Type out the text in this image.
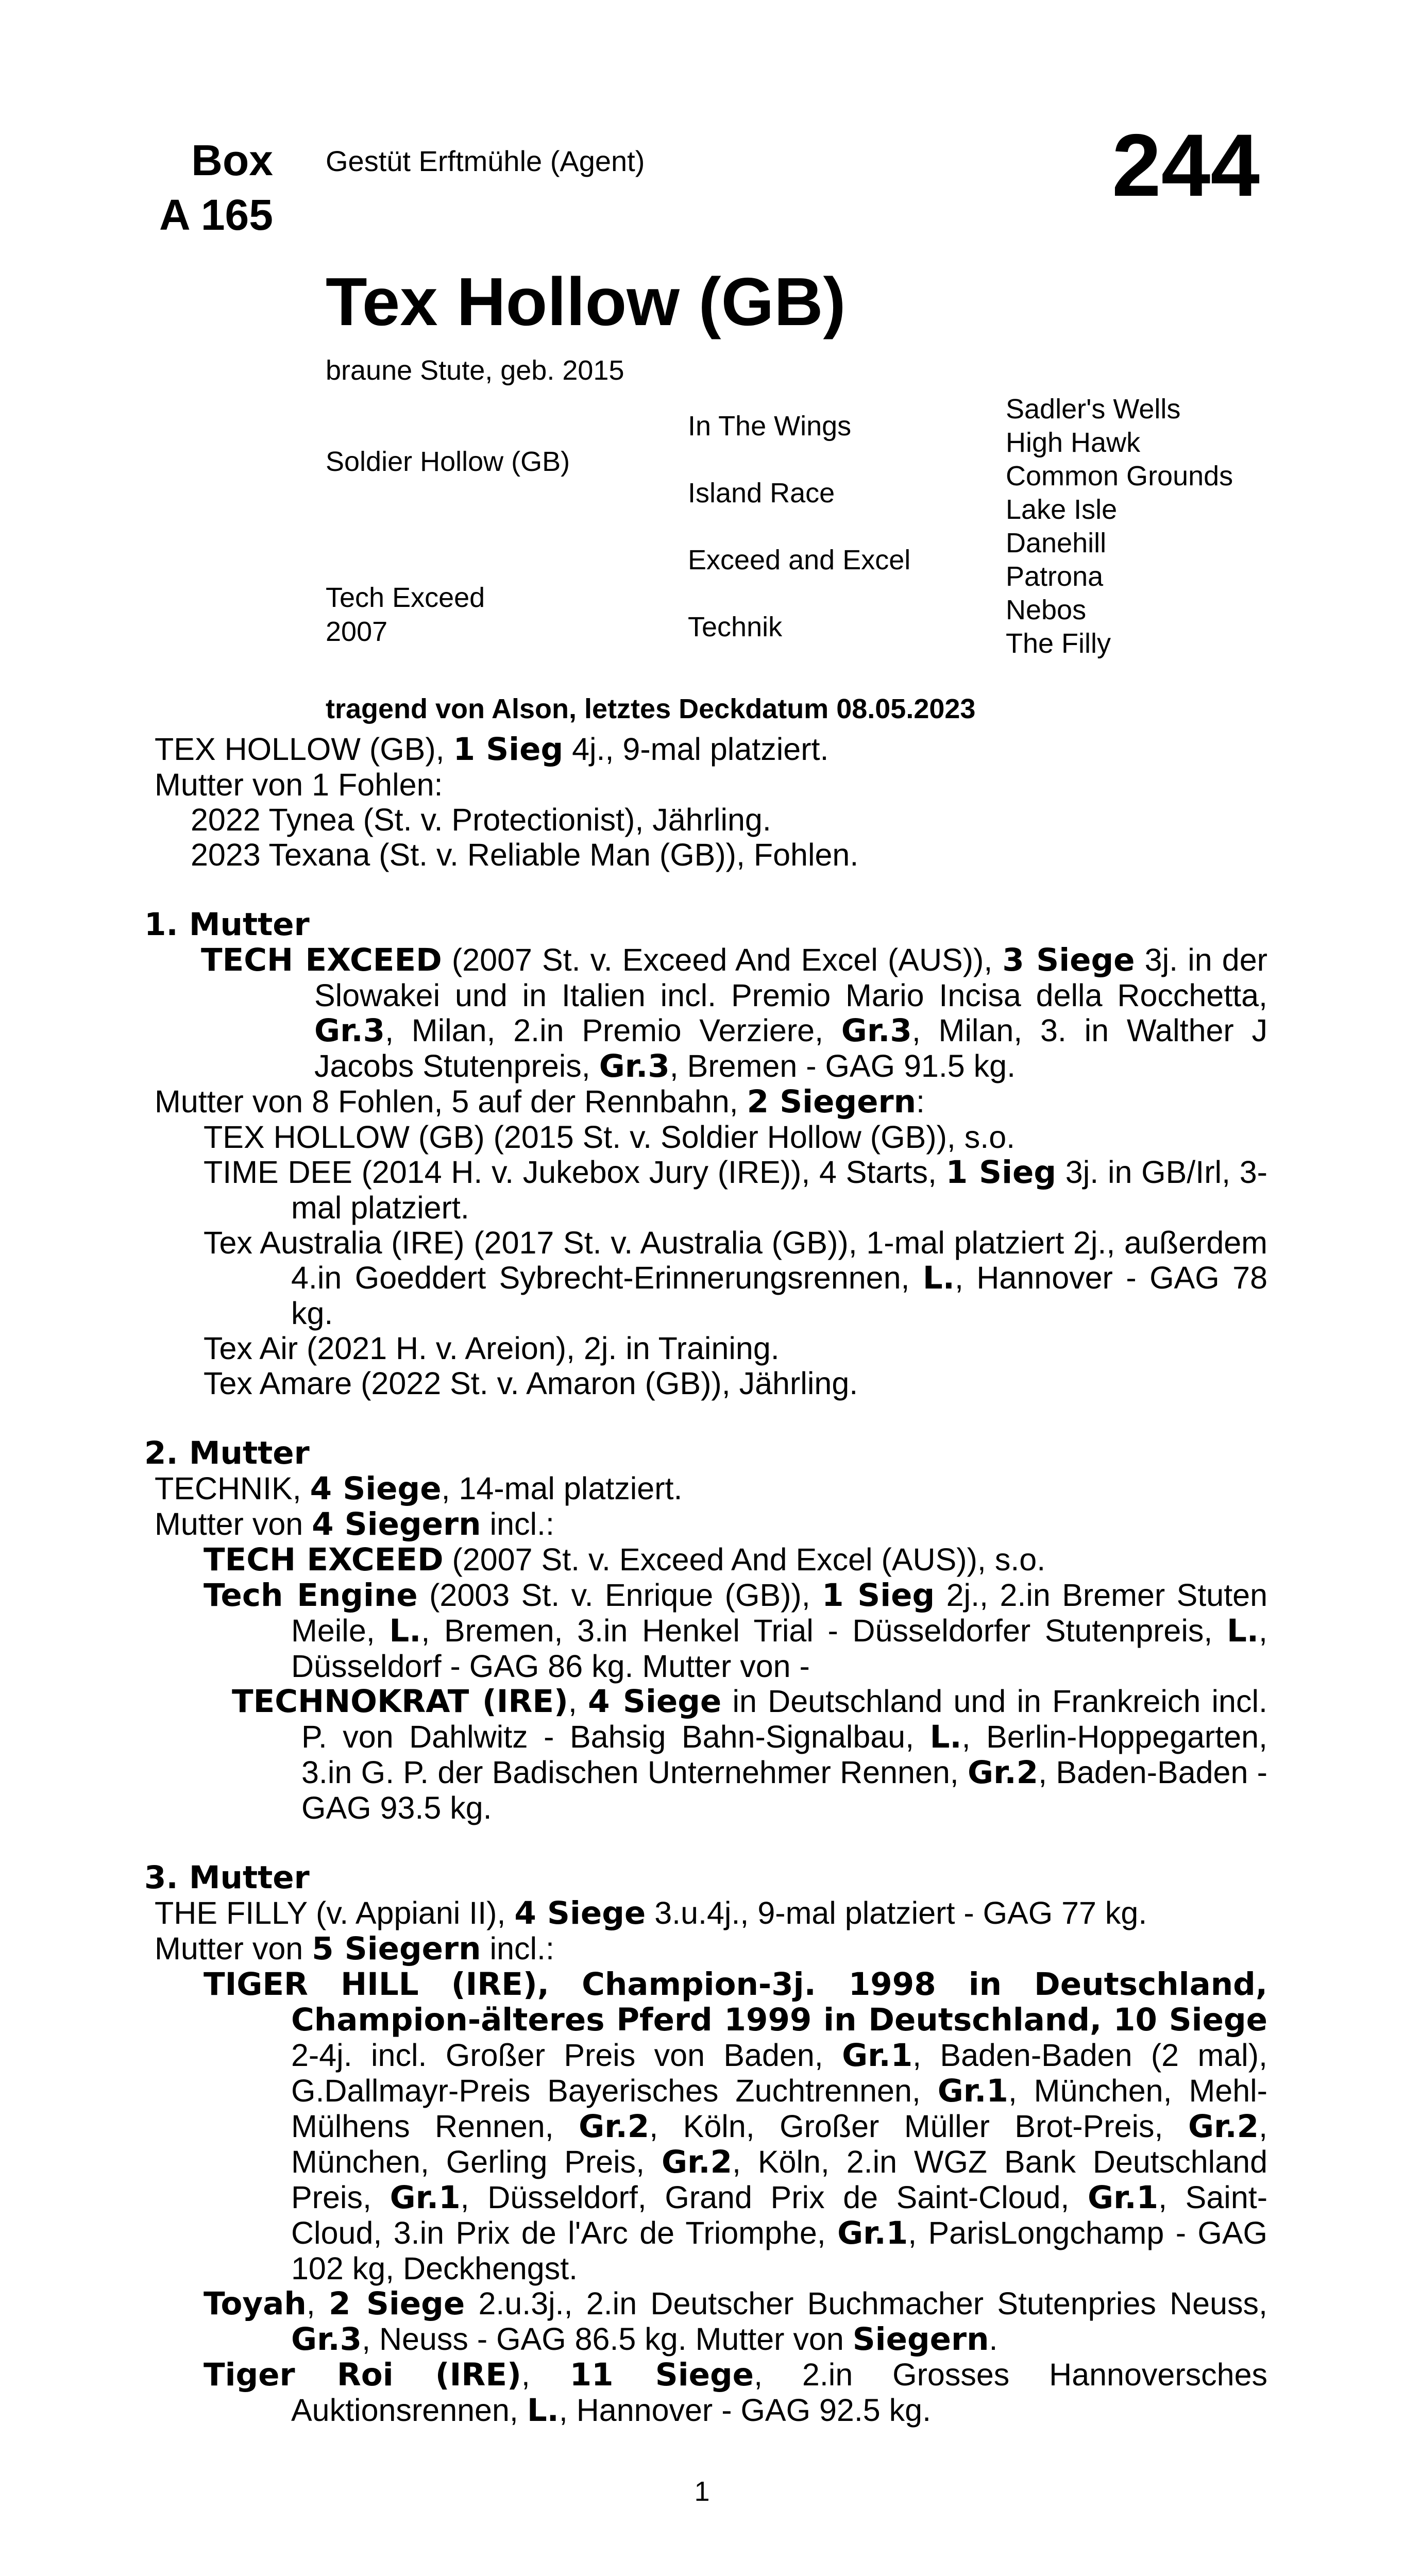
Box
A 165
Gestüt Erftmühle (Agent)	244
Tex Hollow (GB)
braune Stute, geb. 2015
Soldier Hollow (GB)
Tech Exceed
2007
In The Wings
Island Race
Exceed and Excel
Technik
Sadler's Wells
High Hawk
Common Grounds
Lake Isle
Danehill
Patrona
Nebos
The Filly
tragend von Alson, letztes Deckdatum 08.05.2023

TEX HOLLOW (GB), 1 Sieg 4j., 9-mal platziert.

Mutter von 1 Fohlen:

2022 Tynea (St. v. Protectionist), Jährling.

2023 Texana (St. v. Reliable Man (GB)), Fohlen.

1. Mutter

TECH EXCEED (2007 St. v. Exceed And Excel (AUS)), 3 Siege 3j. in der Slowakei und in Italien incl. Premio Mario Incisa della Rocchetta, Gr.3, Milan, 2.in Premio Verziere, Gr.3, Milan, 3. in Walther J Jacobs Stutenpreis, Gr.3, Bremen - GAG 91.5 kg.

Mutter von 8 Fohlen, 5 auf der Rennbahn, 2 Siegern:

TEX HOLLOW (GB) (2015 St. v. Soldier Hollow (GB)), s.o.

TIME DEE (2014 H. v. Jukebox Jury (IRE)), 4 Starts, 1 Sieg 3j. in GB/Irl, 3-mal platziert.

Tex Australia (IRE) (2017 St. v. Australia (GB)), 1-mal platziert 2j., außerdem 4.in Goeddert Sybrecht-Erinnerungsrennen, L., Hannover - GAG 78 kg.

Tex Air (2021 H. v. Areion), 2j. in Training.

Tex Amare (2022 St. v. Amaron (GB)), Jährling.

2. Mutter

TECHNIK, 4 Siege, 14-mal platziert.

Mutter von 4 Siegern incl.:

TECH EXCEED (2007 St. v. Exceed And Excel (AUS)), s.o.

Tech Engine (2003 St. v. Enrique (GB)), 1 Sieg 2j., 2.in Bremer Stuten Meile, L., Bremen, 3.in Henkel Trial - Düsseldorfer Stutenpreis, L., Düsseldorf - GAG 86 kg. Mutter von -

TECHNOKRAT (IRE), 4 Siege in Deutschland und in Frankreich incl. P. von Dahlwitz - Bahsig Bahn-Signalbau, L., Berlin-Hoppegarten, 3.in G. P. der Badischen Unternehmer Rennen, Gr.2, Baden-Baden - GAG 93.5 kg.

3. Mutter

THE FILLY (v. Appiani II), 4 Siege 3.u.4j., 9-mal platziert - GAG 77 kg.

Mutter von 5 Siegern incl.:

TIGER HILL (IRE), Champion-3j. 1998 in Deutschland, Champion-älteres Pferd 1999 in Deutschland, 10 Siege 2-4j. incl. Großer Preis von Baden, Gr.1, Baden-Baden (2 mal), G.Dallmayr-Preis Bayerisches Zuchtrennen, Gr.1, München, Mehl-Mülhens Rennen, Gr.2, Köln, Großer Müller Brot-Preis, Gr.2, München, Gerling Preis, Gr.2, Köln, 2.in WGZ Bank Deutschland Preis, Gr.1, Düsseldorf, Grand Prix de Saint-Cloud, Gr.1, Saint-Cloud, 3.in Prix de l'Arc de Triomphe, Gr.1, ParisLongchamp - GAG 102 kg, Deckhengst.

Toyah, 2 Siege 2.u.3j., 2.in Deutscher Buchmacher Stutenpries Neuss, Gr.3, Neuss - GAG 86.5 kg. Mutter von Siegern.

Tiger Roi (IRE), 11 Siege, 2.in Grosses Hannoversches Auktionsrennen, L., Hannover - GAG 92.5 kg.

1
